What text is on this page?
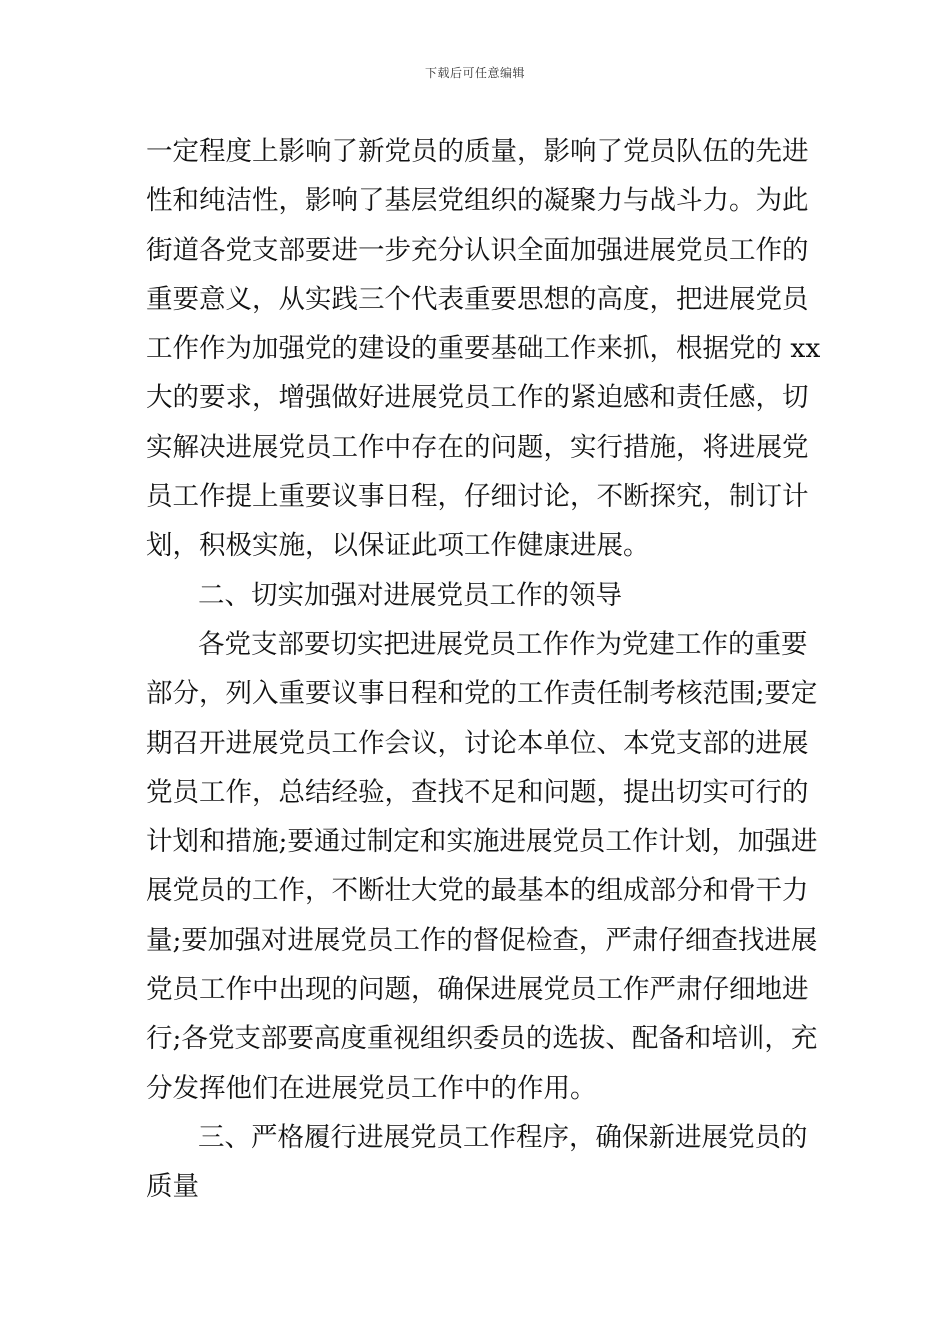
下载后可任意编辑
一定程度上影响了新党员的质量，影响了党员队伍的先进
性和纯洁性，影响了基层党组织的凝聚力与战斗力。为此
街道各党支部要进一步充分认识全面加强进展党员工作的
重要意义，从实践三个代表重要思想的高度，把进展党员
工作作为加强党的建设的重要基础工作来抓，根据党的 xx
大的要求，增强做好进展党员工作的紧迫感和责任感，切
实解决进展党员工作中存在的问题，实行措施，将进展党
员工作提上重要议事日程，仔细讨论，不断探究，制订计
划，积极实施，以保证此项工作健康进展。
二、切实加强对进展党员工作的领导
各党支部要切实把进展党员工作作为党建工作的重要
部分，列入重要议事日程和党的工作责任制考核范围;要定
期召开进展党员工作会议，讨论本单位、本党支部的进展
党员工作，总结经验，查找不足和问题，提出切实可行的
计划和措施;要通过制定和实施进展党员工作计划，加强进
展党员的工作，不断壮大党的最基本的组成部分和骨干力
量;要加强对进展党员工作的督促检查，严肃仔细查找进展
党员工作中出现的问题，确保进展党员工作严肃仔细地进
行;各党支部要高度重视组织委员的选拔、配备和培训，充
分发挥他们在进展党员工作中的作用。
三、严格履行进展党员工作程序，确保新进展党员的
质量
